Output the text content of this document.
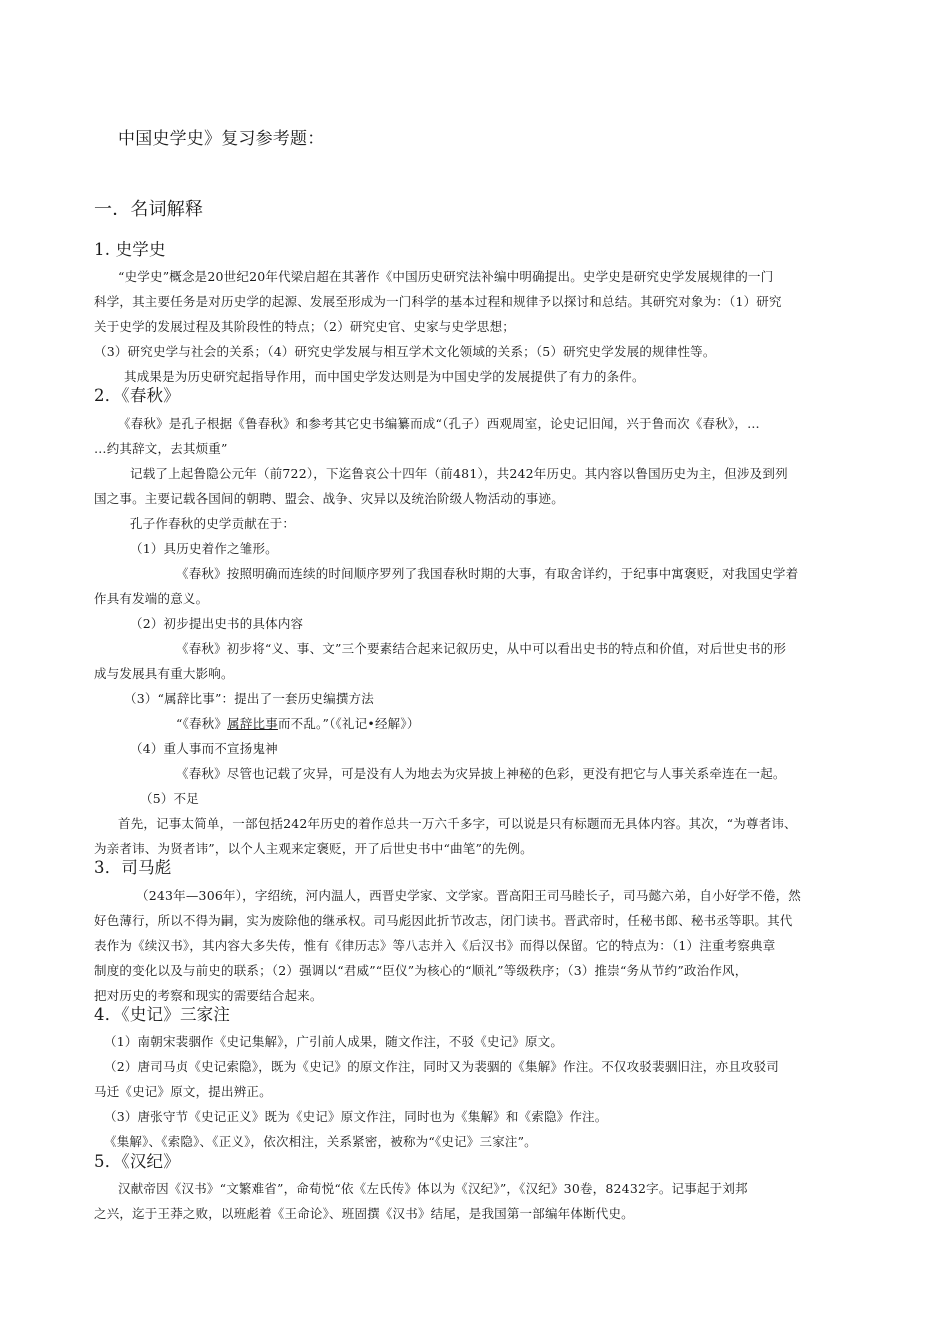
中国史学史》复习参考题：
一．名词解释
1. 史学史
“史学史”概念是20世纪20年代梁启超在其著作《中国历史研究法补编中明确提出。史学史是研究史学发展规律的一门
科学，其主要任务是对历史学的起源、发展至形成为一门科学的基本过程和规律予以探讨和总结。其研究对象为：（1）研究
关于史学的发展过程及其阶段性的特点；（2）研究史官、史家与史学思想；
（3）研究史学与社会的关系；（4）研究史学发展与相互学术文化领域的关系；（5）研究史学发展的规律性等。
其成果是为历史研究起指导作用，而中国史学发达则是为中国史学的发展提供了有力的条件。
2．《春秋》
《春秋》是孔子根据《鲁春秋》和参考其它史书编纂而成“（孔子）西观周室，论史记旧闻，兴于鲁而次《春秋》，…
…约其辞文，去其烦重”
记载了上起鲁隐公元年（前722），下迄鲁哀公十四年（前481），共242年历史。其内容以鲁国历史为主，但涉及到列
国之事。主要记载各国间的朝聘、盟会、战争、灾异以及统治阶级人物活动的事迹。
孔子作春秋的史学贡献在于：
（1）具历史着作之雏形。
《春秋》按照明确而连续的时间顺序罗列了我国春秋时期的大事，有取舍详约，于纪事中寓褒贬，对我国史学着
作具有发端的意义。
（2）初步提出史书的具体内容
《春秋》初步将“义、事、文”三个要素结合起来记叙历史，从中可以看出史书的特点和价值，对后世史书的形
成与发展具有重大影响。
（3）“属辞比事”：提出了一套历史编撰方法
“《春秋》属辞比事而不乱。”（《礼记•经解》）
（4）重人事而不宣扬鬼神
《春秋》尽管也记载了灾异，可是没有人为地去为灾异披上神秘的色彩，更没有把它与人事关系牵连在一起。
（5）不足
首先，记事太简单，一部包括242年历史的着作总共一万六千多字，可以说是只有标题而无具体内容。其次，“为尊者讳、
为亲者讳、为贤者讳”，以个人主观来定褒贬，开了后世史书中“曲笔”的先例。
3．司马彪
（243年—306年），字绍统，河内温人，西晋史学家、文学家。晋高阳王司马睦长子，司马懿六弟，自小好学不倦，然
好色薄行，所以不得为嗣，实为废除他的继承权。司马彪因此折节改志，闭门读书。晋武帝时，任秘书郎、秘书丞等职。其代
表作为《续汉书》，其内容大多失传，惟有《律历志》等八志并入《后汉书》而得以保留。它的特点为：（1）注重考察典章
制度的变化以及与前史的联系；（2）强调以“君威”“臣仪”为核心的“顺礼”等级秩序；（3）推崇“务从节约”政治作风，
把对历史的考察和现实的需要结合起来。
4．《史记》三家注
（1）南朝宋裴骃作《史记集解》，广引前人成果，随文作注，不驳《史记》原文。
（2）唐司马贞《史记索隐》，既为《史记》的原文作注，同时又为裴骃的《集解》作注。不仅攻驳裴骃旧注，亦且攻驳司
马迁《史记》原文，提出辨正。
（3）唐张守节《史记正义》既为《史记》原文作注，同时也为《集解》和《索隐》作注。
《集解》、《索隐》、《正义》，依次相注，关系紧密，被称为“《史记》三家注”。
5．《汉纪》
汉献帝因《汉书》“文繁难省”，命荀悦“依《左氏传》体以为《汉纪》”，《汉纪》30卷，82432字。记事起于刘邦
之兴，迄于王莽之败，以班彪着《王命论》、班固撰《汉书》结尾，是我国第一部编年体断代史。
